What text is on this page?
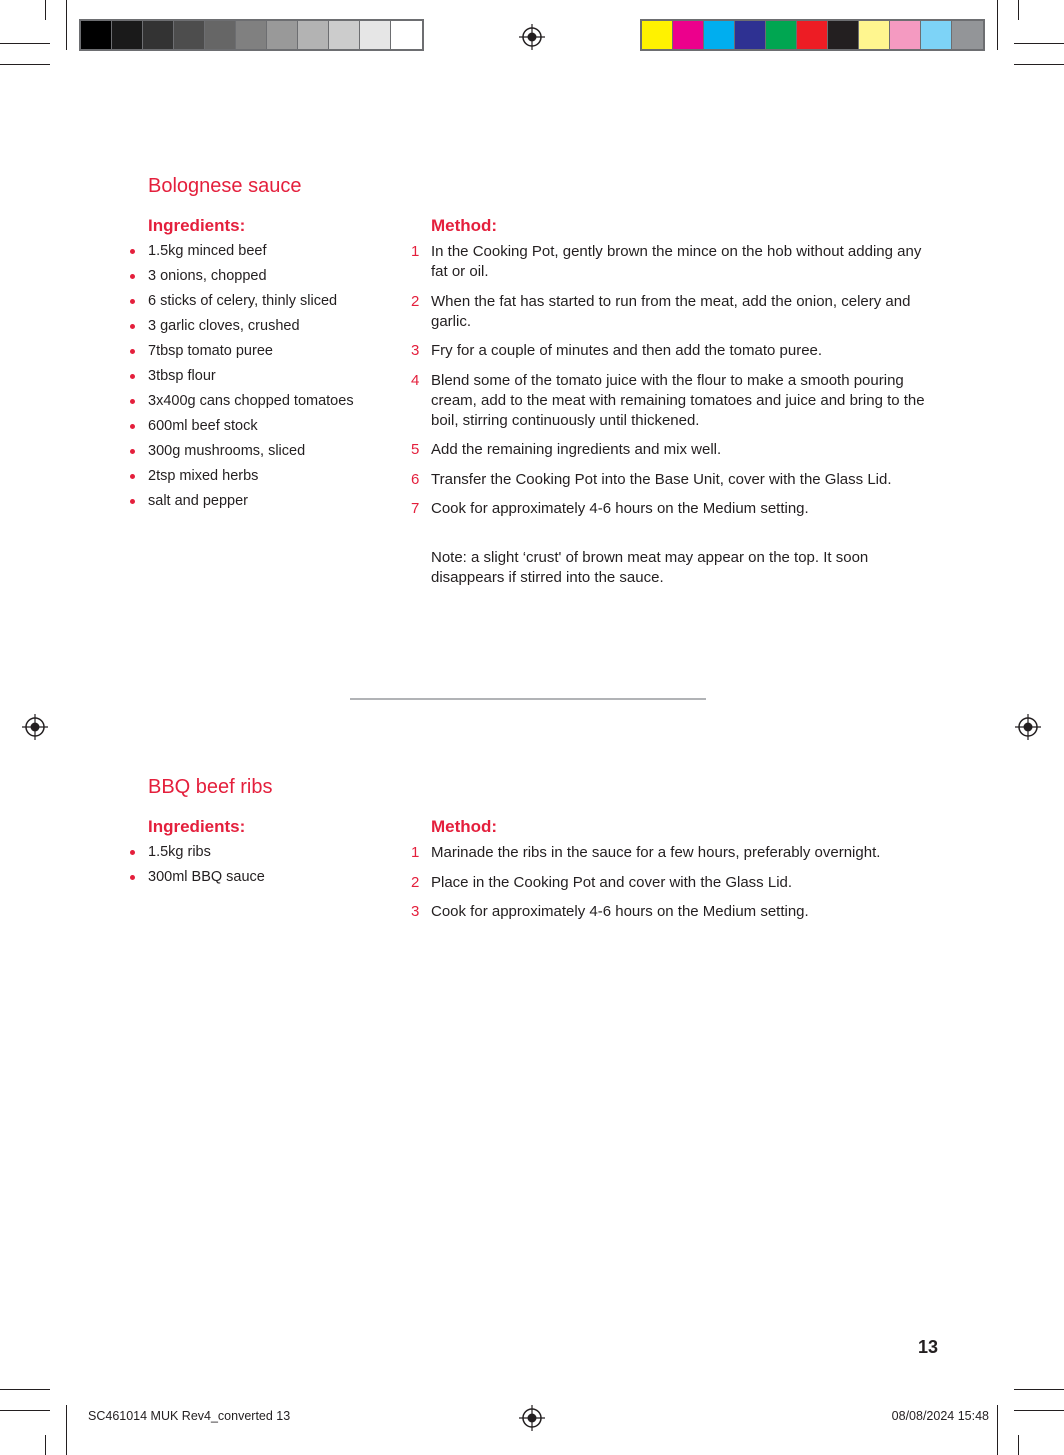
Bolognese sauce
Ingredients:	Method:
1.5kg minced beef
3 onions, chopped
6 sticks of celery, thinly sliced
3 garlic cloves, crushed
7tbsp tomato puree
3tbsp flour
3x400g cans chopped tomatoes
600ml beef stock
300g mushrooms, sliced
2tsp mixed herbs
salt and pepper
1 In the Cooking Pot, gently brown the mince on the hob without adding any fat or oil.
2 When the fat has started to run from the meat, add the onion, celery and garlic.
3 Fry for a couple of minutes and then add the tomato puree.
4 Blend some of the tomato juice with the flour to make a smooth pouring cream, add to the meat with remaining tomatoes and juice and bring to the boil, stirring continuously until thickened.
5 Add the remaining ingredients and mix well.
6 Transfer the Cooking Pot into the Base Unit, cover with the Glass Lid.
7 Cook for approximately 4-6 hours on the Medium setting.
Note: a slight ‘crust' of brown meat may appear on the top. It soon disappears if stirred into the sauce.
BBQ beef ribs
Ingredients:	Method:
1.5kg ribs
300ml BBQ sauce
1 Marinade the ribs in the sauce for a few hours, preferably overnight.
2 Place in the Cooking Pot and cover with the Glass Lid.
3 Cook for approximately 4-6 hours on the Medium setting.
13
SC461014 MUK Rev4_converted 13	08/08/2024 15:48
